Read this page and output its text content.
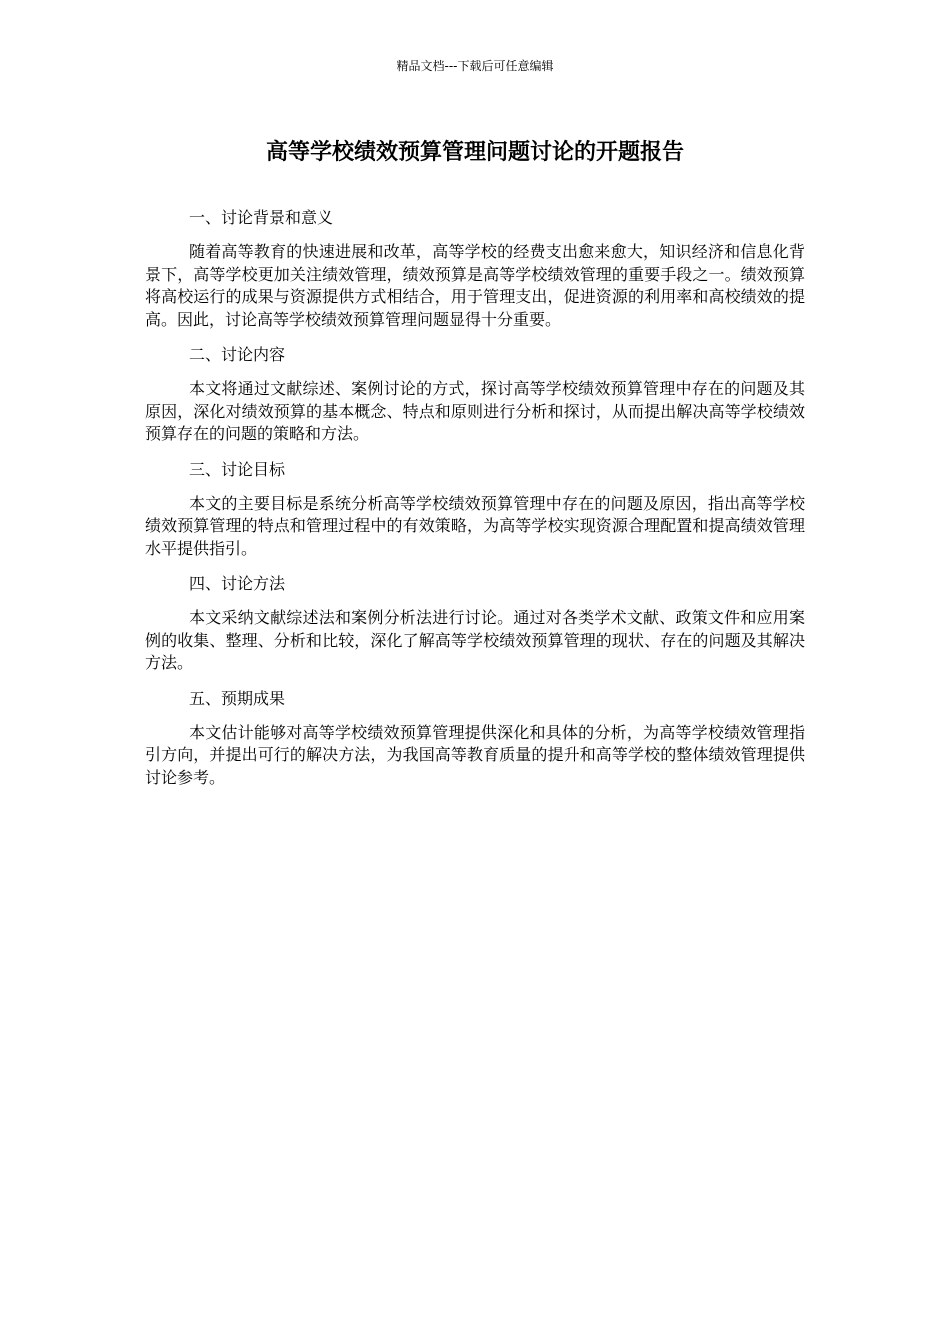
精品文档---下载后可任意编辑
高等学校绩效预算管理问题讨论的开题报告

一、讨论背景和意义

随着高等教育的快速进展和改革，高等学校的经费支出愈来愈大，知识经济和信息化背景下，高等学校更加关注绩效管理，绩效预算是高等学校绩效管理的重要手段之一。绩效预算将高校运行的成果与资源提供方式相结合，用于管理支出，促进资源的利用率和高校绩效的提高。因此，讨论高等学校绩效预算管理问题显得十分重要。

二、讨论内容

本文将通过文献综述、案例讨论的方式，探讨高等学校绩效预算管理中存在的问题及其原因，深化对绩效预算的基本概念、特点和原则进行分析和探讨，从而提出解决高等学校绩效预算存在的问题的策略和方法。

三、讨论目标

本文的主要目标是系统分析高等学校绩效预算管理中存在的问题及原因，指出高等学校绩效预算管理的特点和管理过程中的有效策略，为高等学校实现资源合理配置和提高绩效管理水平提供指引。

四、讨论方法

本文采纳文献综述法和案例分析法进行讨论。通过对各类学术文献、政策文件和应用案例的收集、整理、分析和比较，深化了解高等学校绩效预算管理的现状、存在的问题及其解决方法。

五、预期成果

本文估计能够对高等学校绩效预算管理提供深化和具体的分析，为高等学校绩效管理指引方向，并提出可行的解决方法，为我国高等教育质量的提升和高等学校的整体绩效管理提供讨论参考。
